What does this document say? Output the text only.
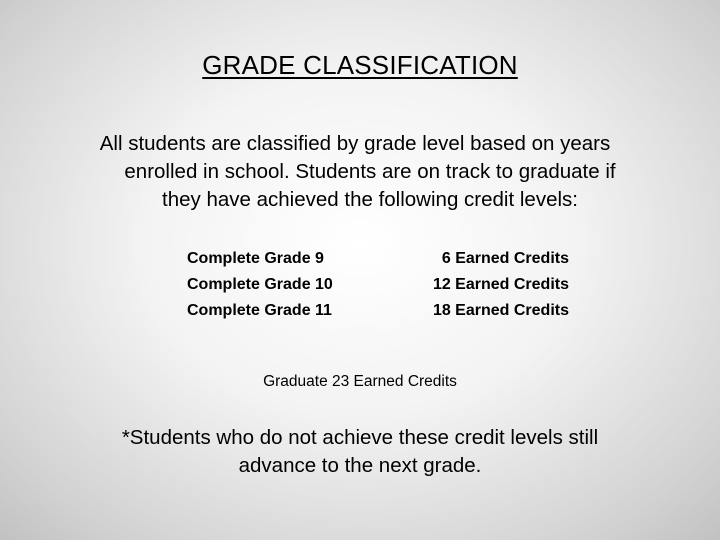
GRADE CLASSIFICATION
All students are classified by grade level based on years
enrolled in school. Students are on track to graduate if
they have achieved the following credit levels:
Complete Grade 9	6 Earned Credits
Complete Grade 10	12 Earned Credits
Complete Grade 11	18 Earned Credits
Graduate 23 Earned Credits
*Students who do not achieve these credit levels still
advance to the next grade.
